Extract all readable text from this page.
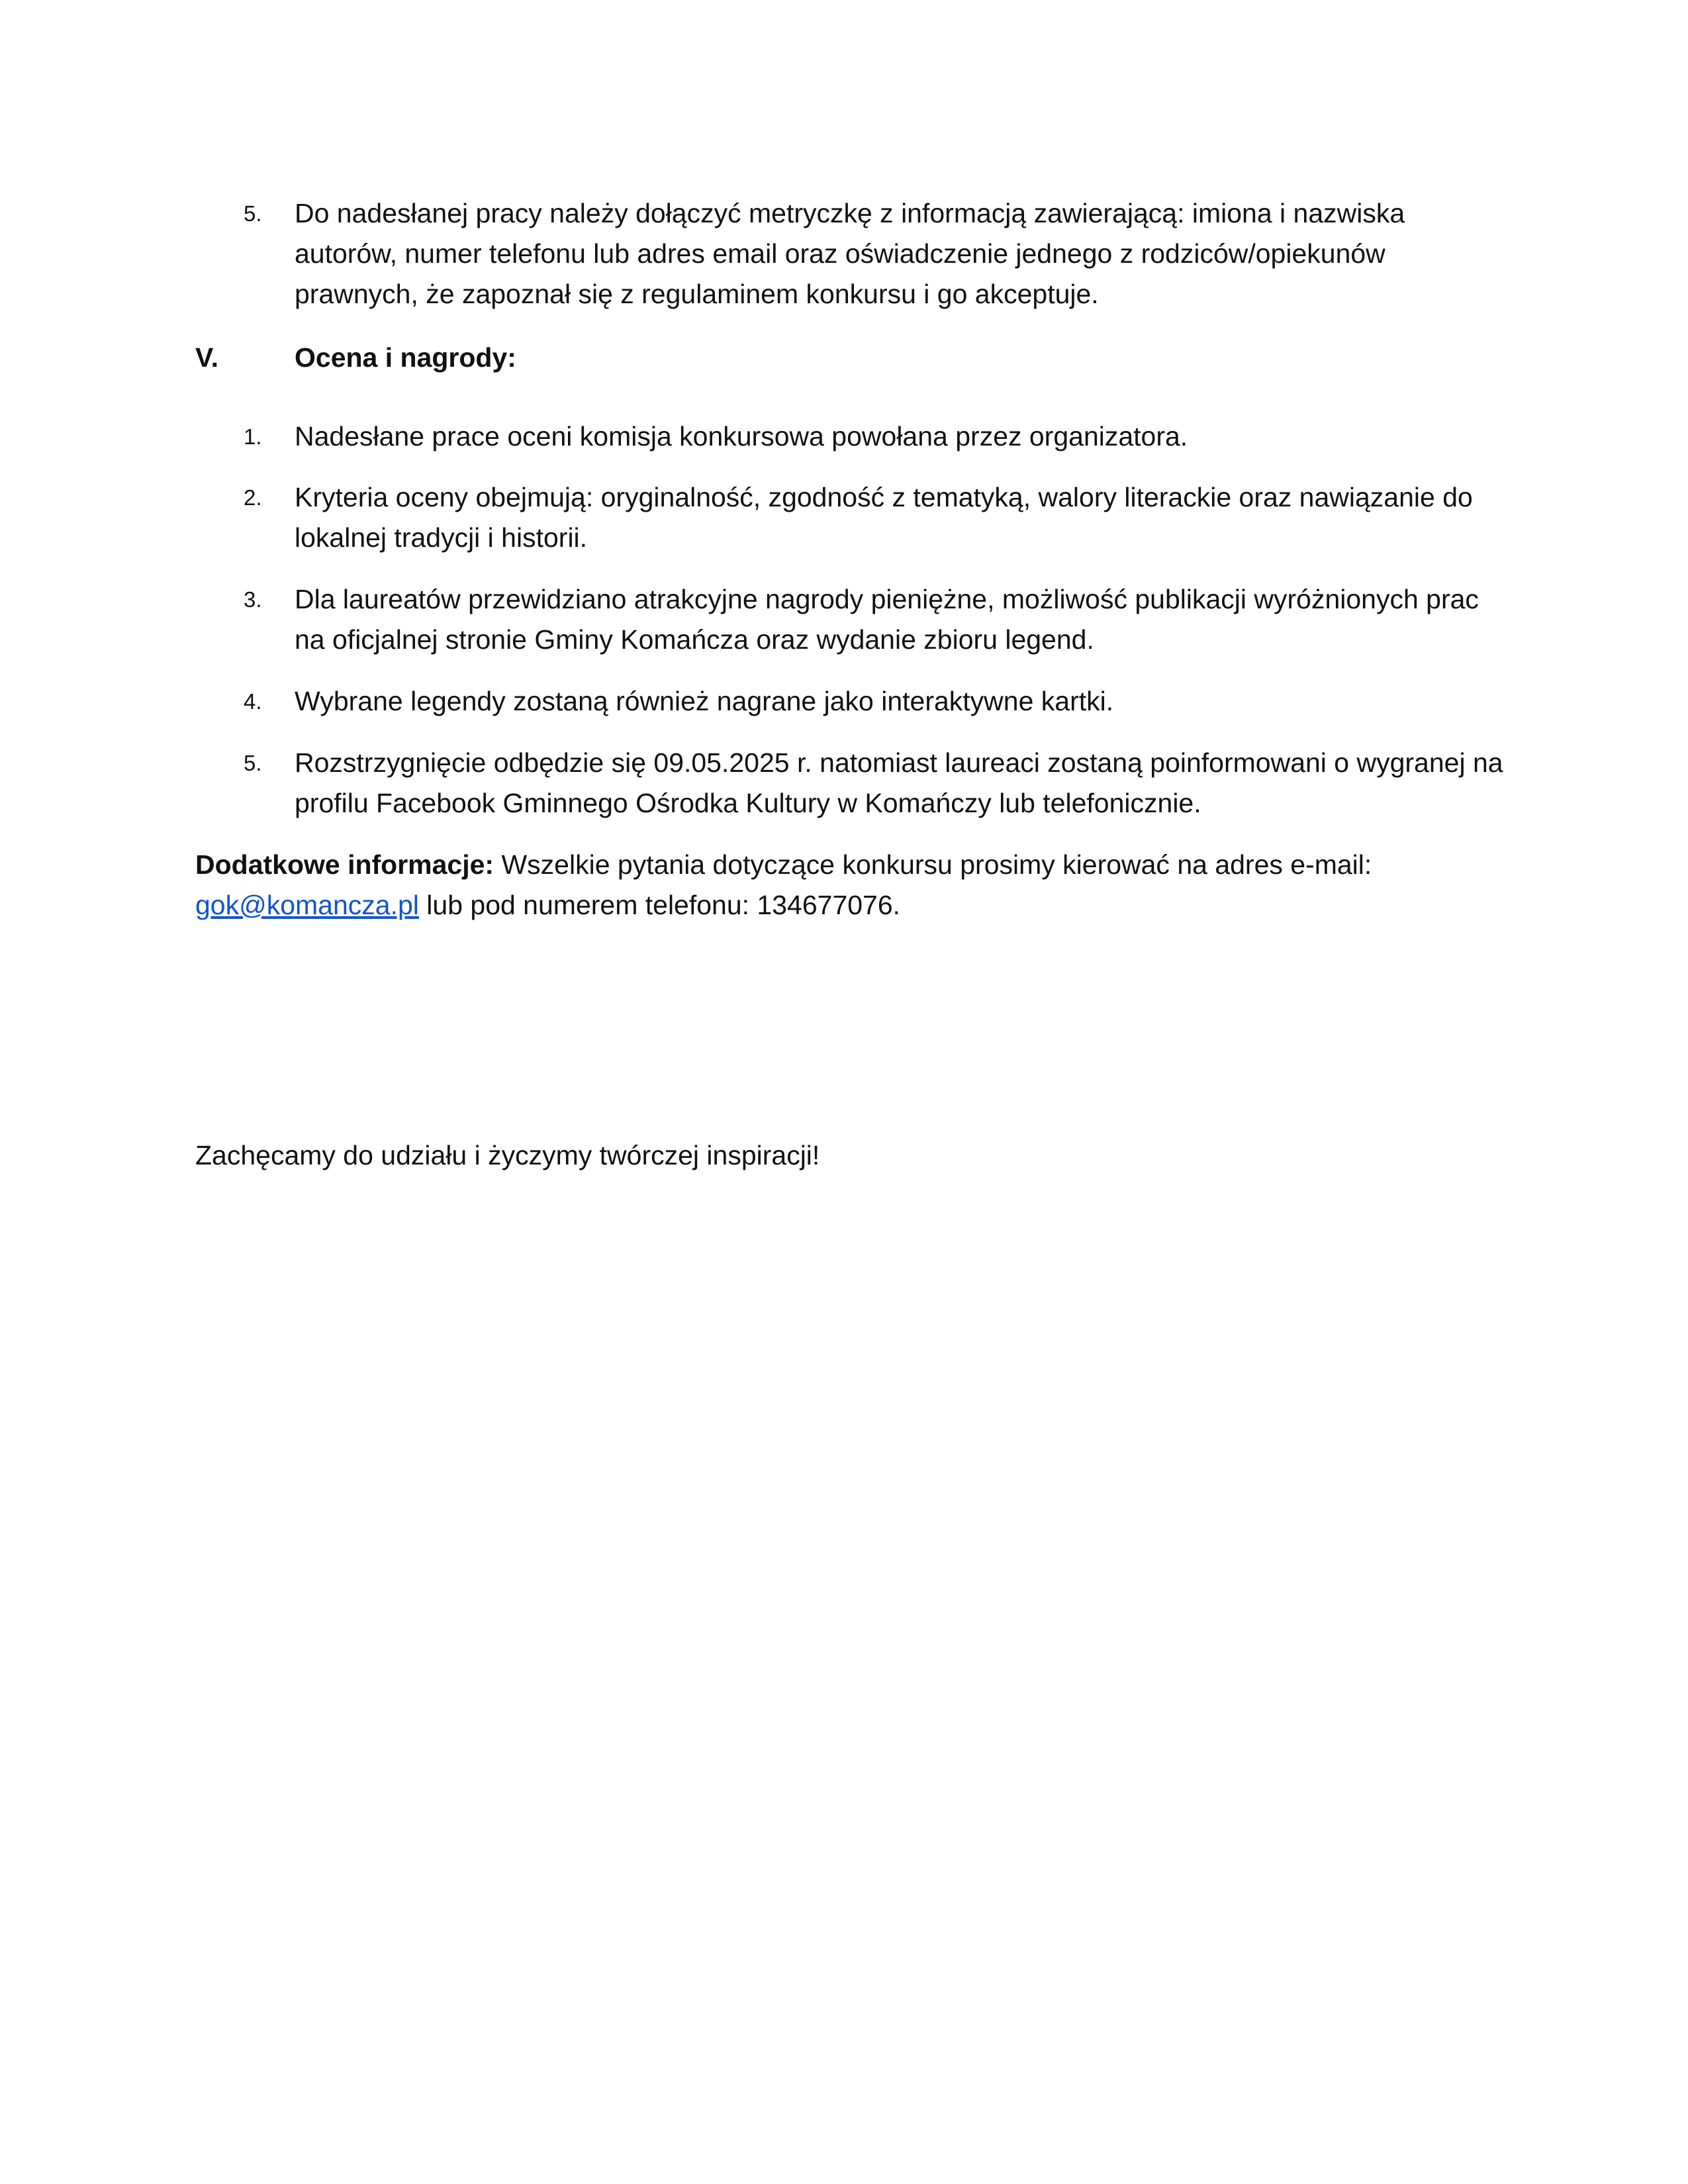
5. Do nadesłanej pracy należy dołączyć metryczkę z informacją zawierającą: imiona i nazwiska autorów, numer telefonu lub adres email oraz oświadczenie jednego z rodziców/opiekunów prawnych, że zapoznał się z regulaminem konkursu i go akceptuje.
V.	Ocena i nagrody:
1. Nadesłane prace oceni komisja konkursowa powołana przez organizatora.
2. Kryteria oceny obejmują: oryginalność, zgodność z tematyką, walory literackie oraz nawiązanie do lokalnej tradycji i historii.
3. Dla laureatów przewidziano atrakcyjne nagrody pieniężne, możliwość publikacji wyróżnionych prac na oficjalnej stronie Gminy Komańcza oraz wydanie zbioru legend.
4. Wybrane legendy zostaną również nagrane jako interaktywne kartki.
5. Rozstrzygnięcie odbędzie się 09.05.2025 r. natomiast laureaci zostaną poinformowani o wygranej na profilu Facebook Gminnego Ośrodka Kultury w Komańczy lub telefonicznie.
Dodatkowe informacje: Wszelkie pytania dotyczące konkursu prosimy kierować na adres e-mail: gok@komancza.pl lub pod numerem telefonu: 134677076.
Zachęcamy do udziału i życzymy twórczej inspiracji!
